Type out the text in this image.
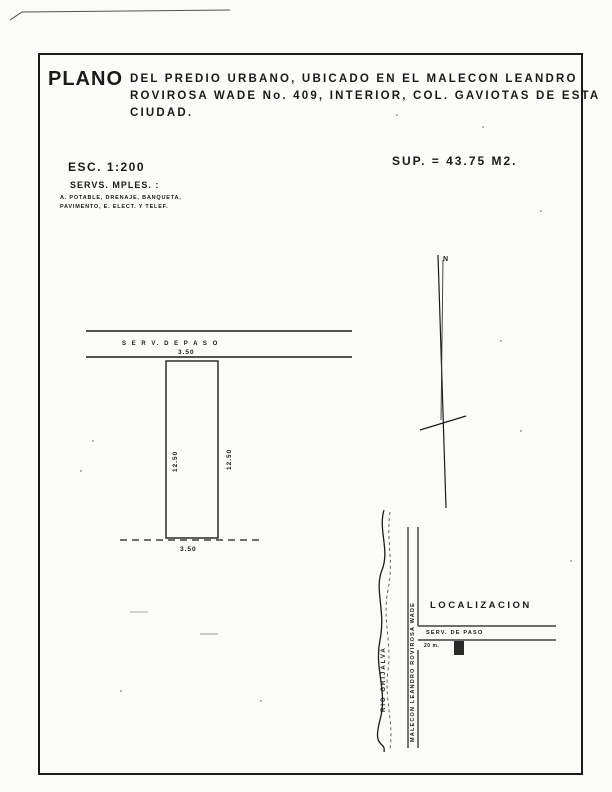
PLANO DEL PREDIO URBANO, UBICADO EN EL MALECON LEANDRO
ROVIROSA WADE No. 409, INTERIOR, COL. GAVIOTAS DE ESTA
CIUDAD.
ESC. 1:200	SUP. = 43.75 M2.
SERVS. MPLES. :
A. POTABLE, DRENAJE, BANQUETA,
PAVIMENTO, E. ELECT. Y TELEF.
S E R V. D E P A S O
3.50
3.50
12.50	12.50
N
LOCALIZACION
SERV. DE PASO
20 m.
MALECON LEANDRO ROVIROSA WADE
RIO GRIJALVA
